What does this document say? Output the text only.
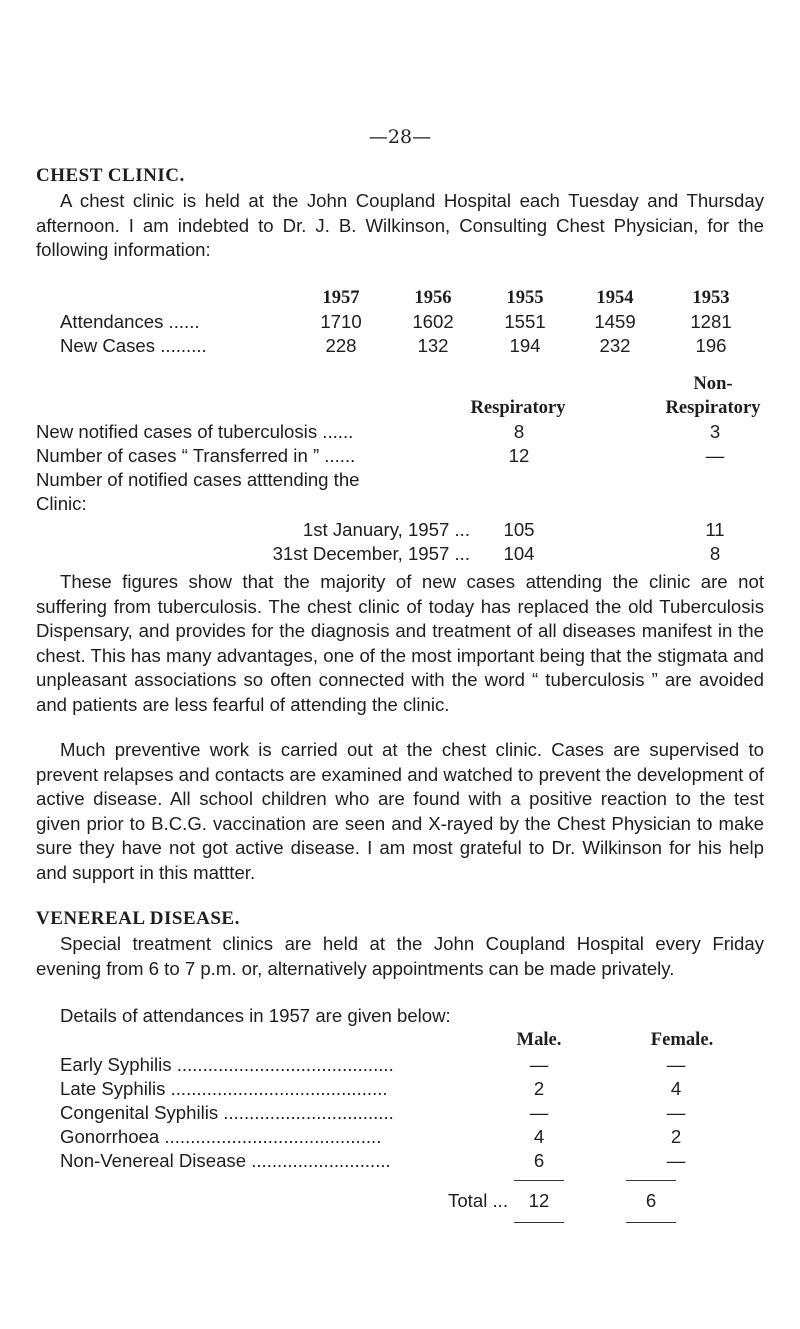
—28—
CHEST CLINIC.
A chest clinic is held at the John Coupland Hospital each Tuesday and Thursday afternoon. I am indebted to Dr. J. B. Wilkinson, Consulting Chest Physician, for the following information:
1957	1956	1955	1954	1953
Attendances ......	1710	1602	1551	1459	1281
New Cases .........	228	132	194	232	196
Non-
Respiratory	Respiratory
New notified cases of tuberculosis ......	8	3
Number of cases “ Transferred in ” ......	12	—
Number of notified cases atttending the
Clinic:
1st January, 1957 ...	105	11
31st December, 1957 ...	104	8
These figures show that the majority of new cases attending the clinic are not suffering from tuberculosis. The chest clinic of today has replaced the old Tuberculosis Dispensary, and provides for the diagnosis and treatment of all diseases manifest in the chest. This has many advantages, one of the most important being that the stigmata and unpleasant associations so often connected with the word “ tuberculosis ” are avoided and patients are less fearful of attending the clinic.
Much preventive work is carried out at the chest clinic. Cases are supervised to prevent relapses and contacts are examined and watched to prevent the development of active disease. All school children who are found with a positive reaction to the test given prior to B.C.G. vaccination are seen and X-rayed by the Chest Physician to make sure they have not got active disease. I am most grateful to Dr. Wilkinson for his help and support in this mattter.
VENEREAL DISEASE.
Special treatment clinics are held at the John Coupland Hospital every Friday evening from 6 to 7 p.m. or, alternatively appointments can be made privately.
Details of attendances in 1957 are given below:
Male.	Female.
Early Syphilis ..........................................	—	—
Late Syphilis ..........................................	2	4
Congenital Syphilis .................................	—	—
Gonorrhoea ..........................................	4	2
Non-Venereal Disease ...........................	6	—
Total ...	12	6
